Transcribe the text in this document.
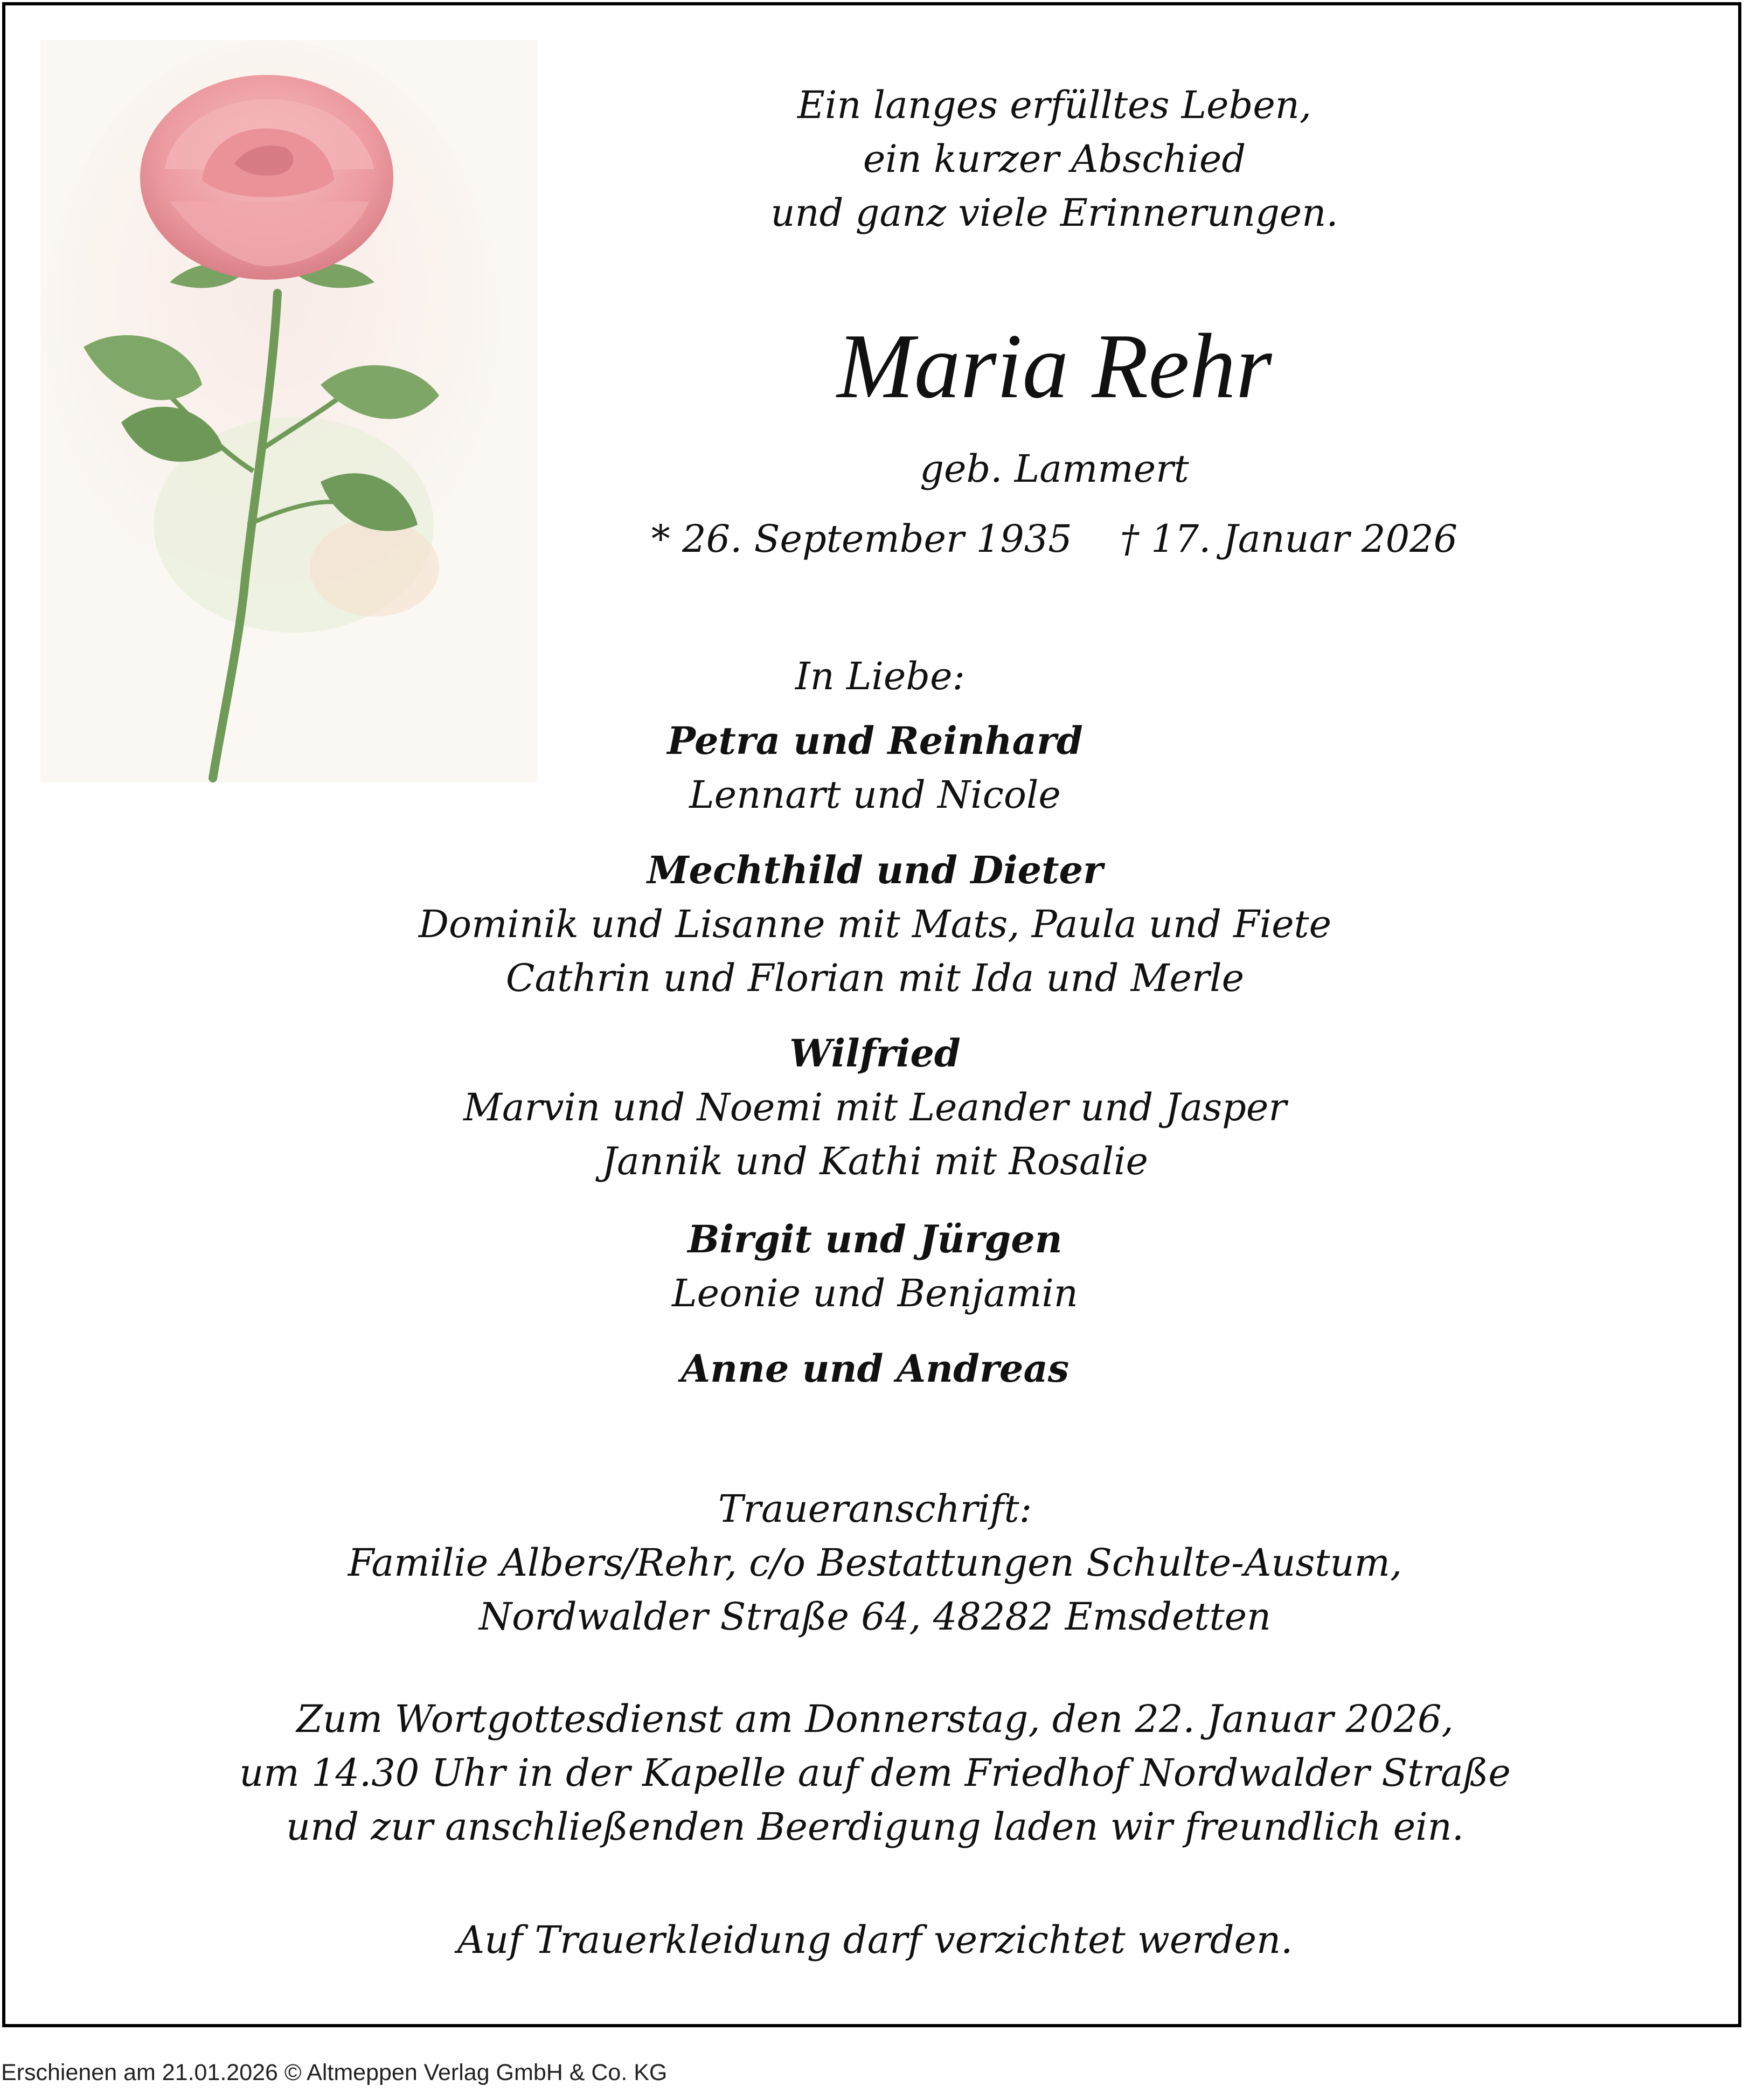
Ein langes erfülltes Leben,
ein kurzer Abschied
und ganz viele Erinnerungen.
Maria Rehr
geb. Lammert
* 26. September 1935    † 17. Januar 2026
In Liebe:
Petra und Reinhard
Lennart und Nicole
Mechthild und Dieter
Dominik und Lisanne mit Mats, Paula und Fiete
Cathrin und Florian mit Ida und Merle
Wilfried
Marvin und Noemi mit Leander und Jasper
Jannik und Kathi mit Rosalie
Birgit und Jürgen
Leonie und Benjamin
Anne und Andreas
Traueranschrift:
Familie Albers/Rehr, c/o Bestattungen Schulte-Austum,
Nordwalder Straße 64, 48282 Emsdetten
Zum Wortgottesdienst am Donnerstag, den 22. Januar 2026,
um 14.30 Uhr in der Kapelle auf dem Friedhof Nordwalder Straße
und zur anschließenden Beerdigung laden wir freundlich ein.
Auf Trauerkleidung darf verzichtet werden.
Erschienen am 21.01.2026 © Altmeppen Verlag GmbH & Co. KG
